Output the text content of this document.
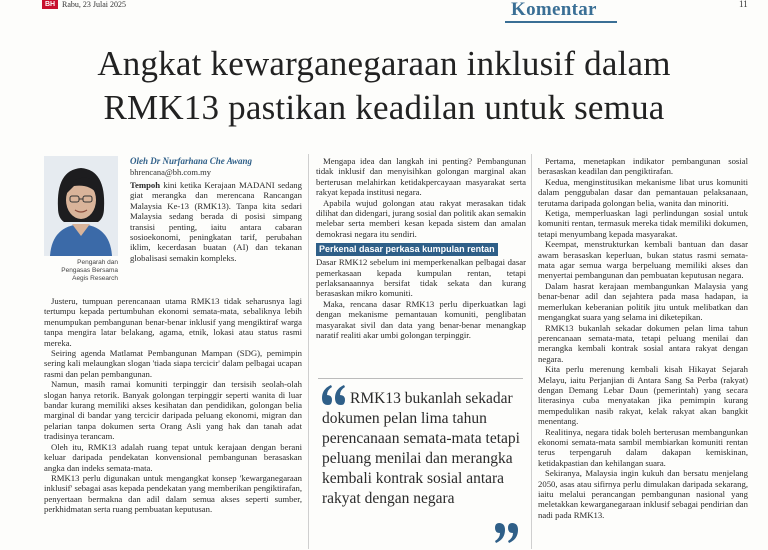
BH Rabu, 23 Julai 2025	Komentar	11
Angkat kewarganegaraan inklusif dalam
RMK13 pastikan keadilan untuk semua
Pengarah dan
Pengasas Bersama
Aegis Research
Oleh Dr Nurfarhana Che Awang
bhrencana@bh.com.my
Tempoh kini ketika Kerajaan MADANI sedang giat merangka dan merencana Rancangan Malaysia Ke-13 (RMK13). Tanpa kita sedari Malaysia sedang berada di posisi simpang transisi penting, iaitu antara cabaran sosioekonomi, peningkatan tarif, perubahan iklim, kecerdasan buatan (AI) dan tekanan globalisasi semakin kompleks.

Justeru, tumpuan perencanaan utama RMK13 tidak seharusnya lagi tertumpu kepada pertumbuhan ekonomi semata-mata, sebaliknya lebih menumpukan pembangunan benar-benar inklusif yang mengiktiraf warga tanpa mengira latar belakang, agama, etnik, lokasi atau status rasmi mereka.

Seiring agenda Matlamat Pembangunan Mampan (SDG), pemimpin sering kali melaungkan slogan 'tiada siapa tercicir' dalam pelbagai ucapan rasmi dan pelan pembangunan.

Namun, masih ramai komuniti terpinggir dan tersisih seolah-olah slogan hanya retorik. Banyak golongan terpinggir seperti wanita di luar bandar kurang memiliki akses kesihatan dan pendidikan, golongan belia marginal di bandar yang tercicir daripada peluang ekonomi, migran dan pelarian tanpa dokumen serta Orang Asli yang hak dan tanah adat tradisinya terancam.

Oleh itu, RMK13 adalah ruang tepat untuk kerajaan dengan berani keluar daripada pendekatan konvensional pembangunan berasaskan angka dan indeks semata-mata.

RMK13 perlu digunakan untuk mengangkat konsep 'kewarganegaraan inklusif' sebagai asas kepada pendekatan yang memberikan pengiktirafan, penyertaan bermakna dan adil dalam semua akses seperti sumber, perkhidmatan serta ruang pembuatan keputusan.

Mengapa idea dan langkah ini penting? Pembangunan tidak inklusif dan menyisihkan golongan marginal akan berterusan melahirkan ketidakpercayaan masyarakat serta rakyat kepada institusi negara.

Apabila wujud golongan atau rakyat merasakan tidak dilihat dan didengari, jurang sosial dan politik akan semakin melebar serta memberi kesan kepada sistem dan amalan demokrasi negara itu sendiri.

Perkenal dasar perkasa kumpulan rentan

Dasar RMK12 sebelum ini memperkenalkan pelbagai dasar pemerkasaan kepada kumpulan rentan, tetapi perlaksanaannya bersifat tidak sekata dan kurang berasaskan mikro komuniti.

Maka, rencana dasar RMK13 perlu diperkuatkan lagi dengan mekanisme pemantauan komuniti, penglibatan masyarakat sivil dan data yang benar-benar menangkap naratif realiti akar umbi golongan terpinggir.

RMK13 bukanlah sekadar dokumen pelan lima tahun perencanaan semata-mata tetapi peluang menilai dan merangka kembali kontrak sosial antara rakyat dengan negara

Pertama, menetapkan indikator pembangunan sosial berasaskan keadilan dan pengiktirafan.

Kedua, menginstitusikan mekanisme libat urus komuniti dalam penggubalan dasar dan pemantauan pelaksanaan, terutama daripada golongan belia, wanita dan minoriti.

Ketiga, memperluaskan lagi perlindungan sosial untuk komuniti rentan, termasuk mereka tidak memiliki dokumen, tetapi menyumbang kepada masyarakat.

Keempat, menstrukturkan kembali bantuan dan dasar awam berasaskan keperluan, bukan status rasmi semata-mata agar semua warga berpeluang memiliki akses dan menyertai pembangunan dan pembuatan keputusan negara.

Dalam hasrat kerajaan membangunkan Malaysia yang benar-benar adil dan sejahtera pada masa hadapan, ia memerlukan keberanian politik jitu untuk melibatkan dan mengangkat suara yang selama ini diketepikan.

RMK13 bukanlah sekadar dokumen pelan lima tahun perencanaan semata-mata, tetapi peluang menilai dan merangka kembali kontrak sosial antara rakyat dengan negara.

Kita perlu merenung kembali kisah Hikayat Sejarah Melayu, iaitu Perjanjian di Antara Sang Sa Perba (rakyat) dengan Demang Lebar Daun (pemerintah) yang secara literasinya cuba menyatakan jika pemimpin kurang mempedulikan nasib rakyat, kelak rakyat akan bangkit menentang.

Realitinya, negara tidak boleh berterusan membangunkan ekonomi semata-mata sambil membiarkan komuniti rentan terus terpengaruh dalam dakapan kemiskinan, ketidakpastian dan kehilangan suara.

Sekiranya, Malaysia ingin kukuh dan bersatu menjelang 2050, asas atau sifirnya perlu dimulakan daripada sekarang, iaitu melalui perancangan pembangunan nasional yang meletakkan kewarganegaraan inklusif sebagai pendirian dan nadi pada RMK13.
